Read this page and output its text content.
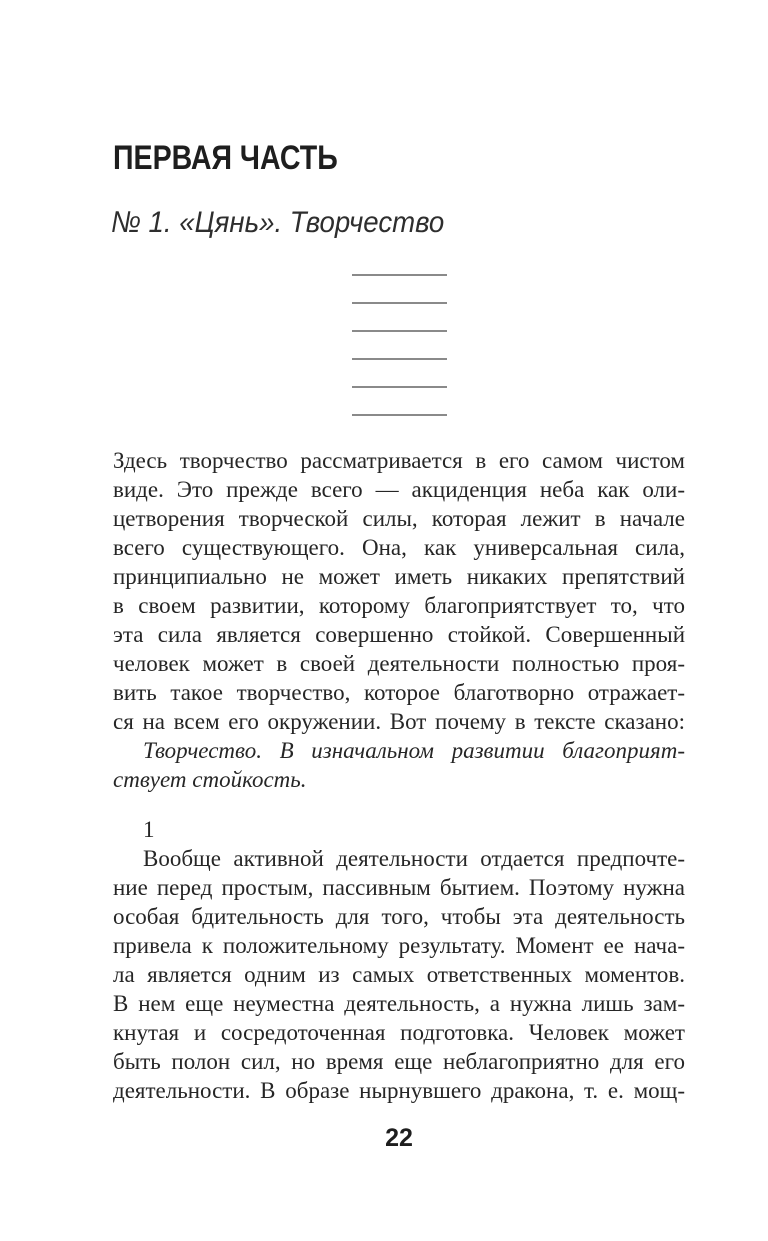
ПЕРВАЯ ЧАСТЬ
№ 1. «Цянь». Творчество
Здесь творчество рассматривается в его самом чистом
виде. Это прежде всего — акциденция неба как оли-
цетворения творческой силы, которая лежит в начале
всего существующего. Она, как универсальная сила,
принципиально не может иметь никаких препятствий
в своем развитии, которому благоприятствует то, что
эта сила является совершенно стойкой. Совершенный
человек может в своей деятельности полностью проя-
вить такое творчество, которое благотворно отражает-
ся на всем его окружении. Вот почему в тексте сказано:
Творчество. В изначальном развитии благоприят-
ствует стойкость.
1
Вообще активной деятельности отдается предпочте-
ние перед простым, пассивным бытием. Поэтому нужна
особая бдительность для того, чтобы эта деятельность
привела к положительному результату. Момент ее нача-
ла является одним из самых ответственных моментов.
В нем еще неуместна деятельность, а нужна лишь зам-
кнутая и сосредоточенная подготовка. Человек может
быть полон сил, но время еще неблагоприятно для его
деятельности. В образе нырнувшего дракона, т. е. мощ-
22
